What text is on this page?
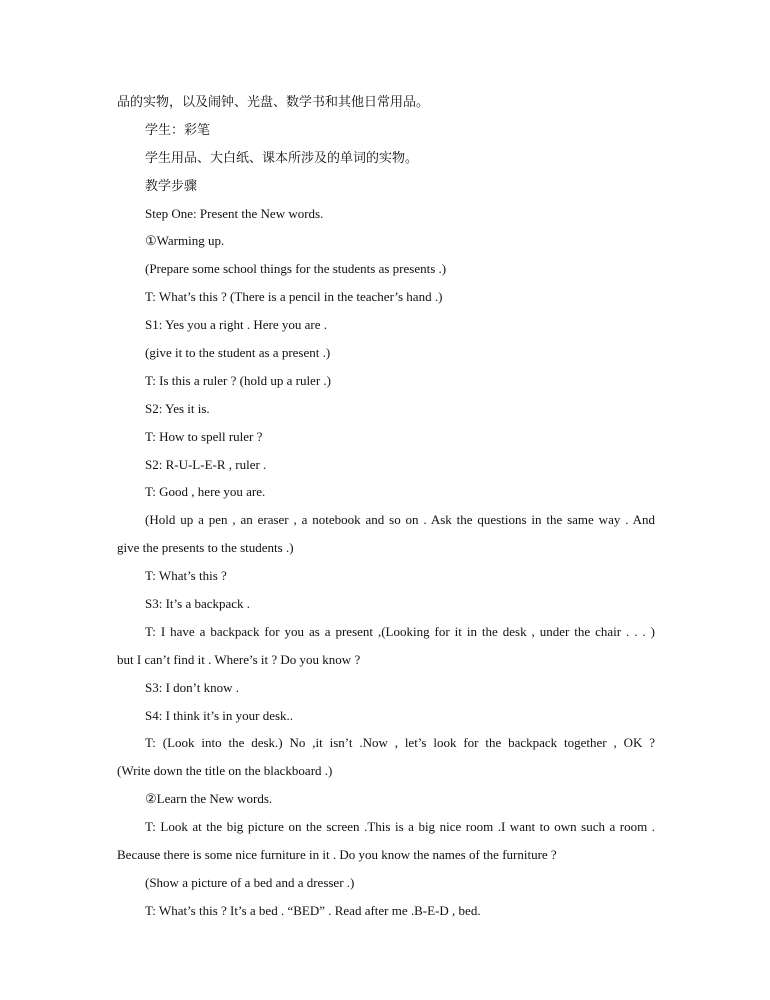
品的实物，以及闹钟、光盘、数学书和其他日常用品。
学生：彩笔
学生用品、大白纸、课本所涉及的单词的实物。
教学步骤
Step One: Present the New words.
①Warming up.
(Prepare some school things for the students as presents .)
T: What’s this ? (There is a pencil in the teacher’s hand .)
S1: Yes you a right . Here you are .
(give it to the student as a present .)
T: Is this a ruler ? (hold up a ruler .)
S2: Yes it is.
T: How to spell ruler ?
S2: R-U-L-E-R , ruler .
T: Good , here you are.
(Hold up a pen , an eraser , a notebook and so on . Ask the questions in the same way . And
give the presents to the students .)
T: What’s this ?
S3: It’s a backpack .
T: I have a backpack for you as a present ,(Looking for it in the desk , under the chair . . . )
but I can’t find it . Where’s it ? Do you know ?
S3: I don’t know .
S4: I think it’s in your desk..
T: (Look into the desk.) No ,it isn’t .Now , let’s look for the backpack together , OK ?
(Write down the title on the blackboard .)
②Learn the New words.
T: Look at the big picture on the screen .This is a big nice room .I want to own such a room .
Because there is some nice furniture in it . Do you know the names of the furniture ?
(Show a picture of a bed and a dresser .)
T: What’s this ? It’s a bed . “BED” . Read after me .B-E-D , bed.
